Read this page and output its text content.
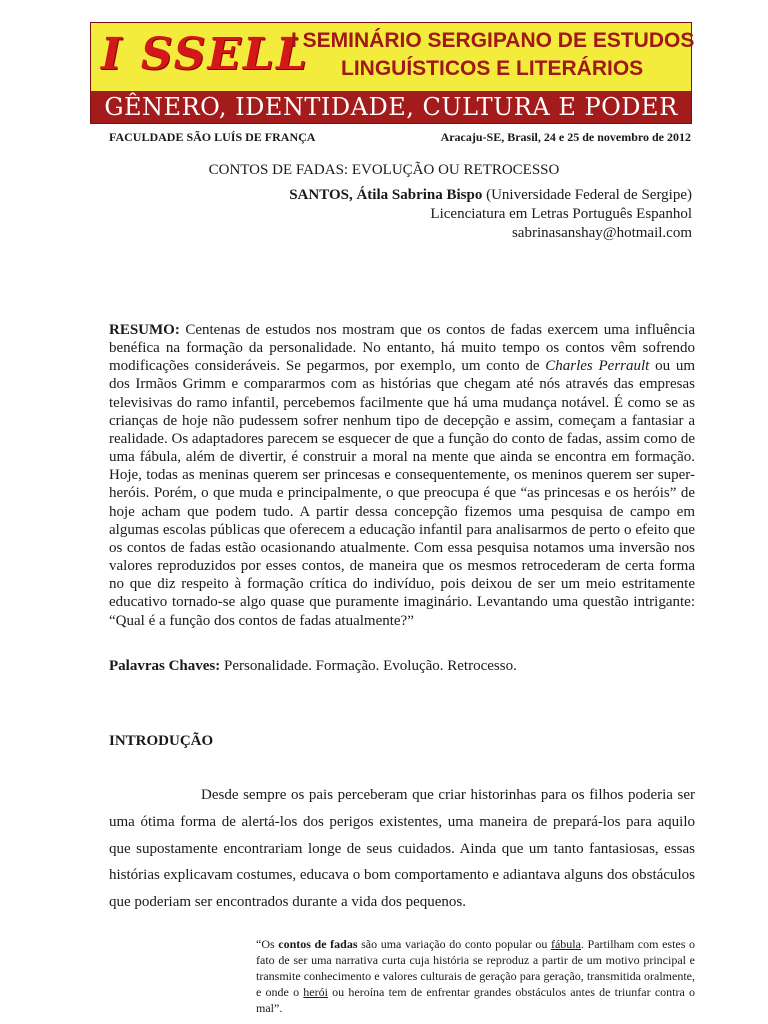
I SSELL
I SEMINÁRIO SERGIPANO DE ESTUDOS
LINGUÍSTICOS E LITERÁRIOS
GÊNERO, IDENTIDADE, CULTURA E PODER
FACULDADE SÃO LUÍS DE FRANÇA	Aracaju-SE, Brasil, 24 e 25 de novembro de 2012
CONTOS DE FADAS: EVOLUÇÃO OU RETROCESSO
SANTOS, Átila Sabrina Bispo (Universidade Federal de Sergipe)
Licenciatura em Letras Português Espanhol
sabrinasanshay@hotmail.com
RESUMO: Centenas de estudos nos mostram que os contos de fadas exercem uma influência benéfica na formação da personalidade. No entanto, há muito tempo os contos vêm sofrendo modificações consideráveis. Se pegarmos, por exemplo, um conto de Charles Perrault ou um dos Irmãos Grimm e compararmos com as histórias que chegam até nós através das empresas televisivas do ramo infantil, percebemos facilmente que há uma mudança notável. É como se as crianças de hoje não pudessem sofrer nenhum tipo de decepção e assim, começam a fantasiar a realidade. Os adaptadores parecem se esquecer de que a função do conto de fadas, assim como de uma fábula, além de divertir, é construir a moral na mente que ainda se encontra em formação. Hoje, todas as meninas querem ser princesas e consequentemente, os meninos querem ser super-heróis. Porém, o que muda e principalmente, o que preocupa é que “as princesas e os heróis” de hoje acham que podem tudo. A partir dessa concepção fizemos uma pesquisa de campo em algumas escolas públicas que oferecem a educação infantil para analisarmos de perto o efeito que os contos de fadas estão ocasionando atualmente. Com essa pesquisa notamos uma inversão nos valores reproduzidos por esses contos, de maneira que os mesmos retrocederam de certa forma no que diz respeito à formação crítica do indivíduo, pois deixou de ser um meio estritamente educativo tornado-se algo quase que puramente imaginário. Levantando uma questão intrigante: “Qual é a função dos contos de fadas atualmente?”
Palavras Chaves: Personalidade. Formação. Evolução. Retrocesso.
INTRODUÇÃO
Desde sempre os pais perceberam que criar historinhas para os filhos poderia ser uma ótima forma de alertá-los dos perigos existentes, uma maneira de prepará-los para aquilo que supostamente encontrariam longe de seus cuidados. Ainda que um tanto fantasiosas, essas histórias explicavam costumes, educava o bom comportamento e adiantava alguns dos obstáculos que poderiam ser encontrados durante a vida dos pequenos.
“Os contos de fadas são uma variação do conto popular ou fábula. Partilham com estes o fato de ser uma narrativa curta cuja história se reproduz a partir de um motivo principal e transmite conhecimento e valores culturais de geração para geração, transmitida oralmente, e onde o herói ou heroína tem de enfrentar grandes obstáculos antes de triunfar contra o mal”.
